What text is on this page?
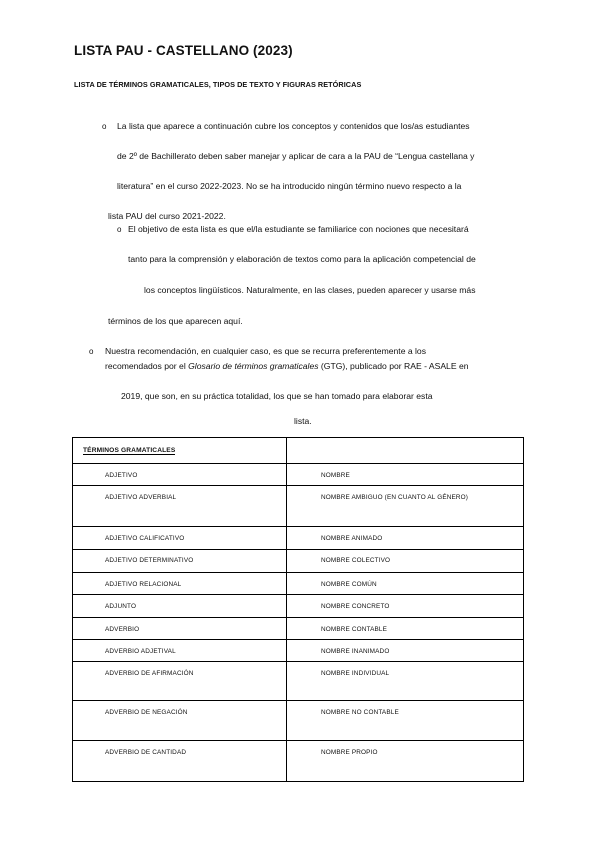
LISTA PAU - CASTELLANO (2023)
LISTA DE TÉRMINOS GRAMATICALES, TIPOS DE TEXTO Y FIGURAS RETÓRICAS
o La lista que aparece a continuación cubre los conceptos y contenidos que los/as estudiantes
de 2º de Bachillerato deben saber manejar y aplicar de cara a la PAU de “Lengua castellana y
literatura” en el curso 2022-2023. No se ha introducido ningún término nuevo respecto a la
lista PAU del curso 2021-2022.
o El objetivo de esta lista es que el/la estudiante se familiarice con nociones que necesitará
tanto para la comprensión y elaboración de textos como para la aplicación competencial de
los conceptos lingüísticos. Naturalmente, en las clases, pueden aparecer y usarse más
términos de los que aparecen aquí.
o Nuestra recomendación, en cualquier caso, es que se recurra preferentemente a los
recomendados por el Glosario de términos gramaticales (GTG), publicado por RAE - ASALE en
2019, que son, en su práctica totalidad, los que se han tomado para elaborar esta
lista.
TÉRMINOS GRAMATICALES	

ADJETIVO	NOMBRE

ADJETIVO ADVERBIAL	NOMBRE AMBIGUO (EN CUANTO AL GÉNERO)

ADJETIVO CALIFICATIVO	NOMBRE ANIMADO

ADJETIVO DETERMINATIVO	NOMBRE COLECTIVO

ADJETIVO RELACIONAL	NOMBRE COMÚN

ADJUNTO	NOMBRE CONCRETO

ADVERBIO	NOMBRE CONTABLE

ADVERBIO ADJETIVAL	NOMBRE INANIMADO

ADVERBIO DE AFIRMACIÓN	NOMBRE INDIVIDUAL

ADVERBIO DE NEGACIÓN	NOMBRE NO CONTABLE

ADVERBIO DE CANTIDAD	NOMBRE PROPIO
